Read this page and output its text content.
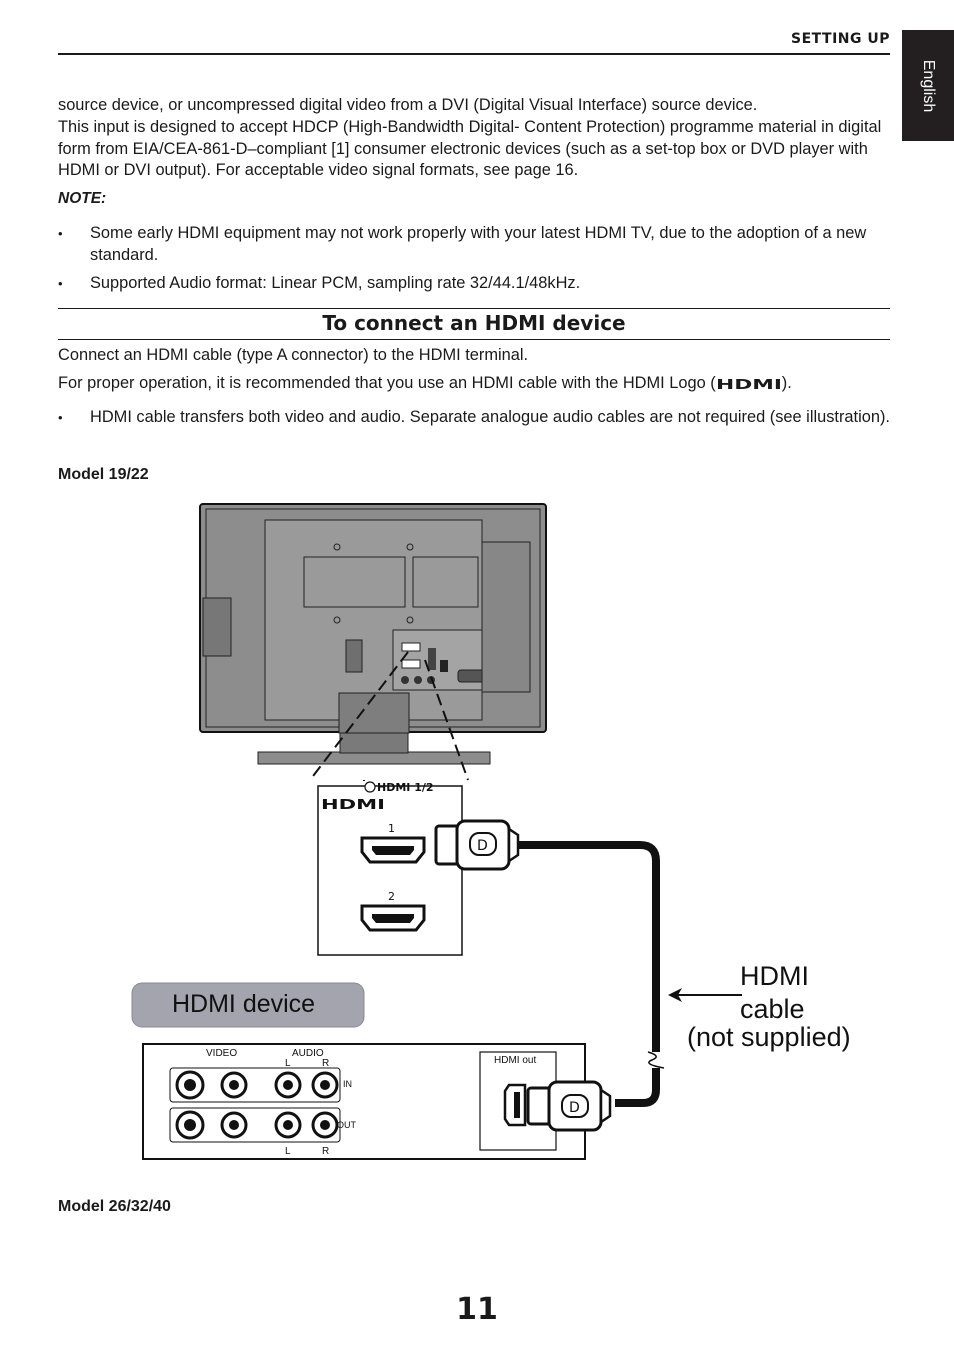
SETTING UP
English

source device, or uncompressed digital video from a DVI (Digital Visual Interface) source device.

This input is designed to accept HDCP (High-Bandwidth Digital- Content Protection) programme material in digital form from EIA/CEA-861-D–compliant [1] consumer electronic devices (such as a set-top box or DVD player with HDMI or DVI output). For acceptable video signal formats, see page 16.

NOTE:
• Some early HDMI equipment may not work properly with your latest HDMI TV, due to the adoption of a new standard.
• Supported Audio format: Linear PCM, sampling rate 32/44.1/48kHz.
To connect an HDMI device

Connect an HDMI cable (type A connector) to the HDMI terminal.

For proper operation, it is recommended that you use an HDMI cable with the HDMI Logo ( HDMI ).

• HDMI cable transfers both video and audio. Separate analogue audio cables are not required (see illustration).
Model 19/22
HDMI 1/2
HDMI
1
2
D
HDMI
cable
(not supplied)
HDMI device
VIDEO	AUDIO
L	R
IN
OUT
L	R
HDMI out
D
Model 26/32/40
11
